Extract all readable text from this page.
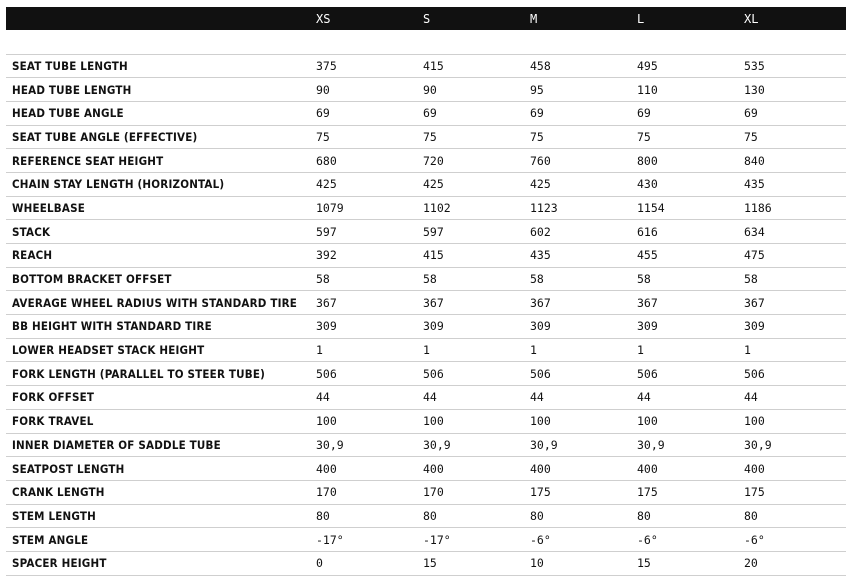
	XS	S	M	L	XL

SEAT TUBE LENGTH	375	415	458	495	535
HEAD TUBE LENGTH	90	90	95	110	130
HEAD TUBE ANGLE	69	69	69	69	69
SEAT TUBE ANGLE (EFFECTIVE)	75	75	75	75	75
REFERENCE SEAT HEIGHT	680	720	760	800	840
CHAIN STAY LENGTH (HORIZONTAL)	425	425	425	430	435
WHEELBASE	1079	1102	1123	1154	1186
STACK	597	597	602	616	634
REACH	392	415	435	455	475
BOTTOM BRACKET OFFSET	58	58	58	58	58
AVERAGE WHEEL RADIUS WITH STANDARD TIRE	367	367	367	367	367
BB HEIGHT WITH STANDARD TIRE	309	309	309	309	309
LOWER HEADSET STACK HEIGHT	1	1	1	1	1
FORK LENGTH (PARALLEL TO STEER TUBE)	506	506	506	506	506
FORK OFFSET	44	44	44	44	44
FORK TRAVEL	100	100	100	100	100
INNER DIAMETER OF SADDLE TUBE	30,9	30,9	30,9	30,9	30,9
SEATPOST LENGTH	400	400	400	400	400
CRANK LENGTH	170	170	175	175	175
STEM LENGTH	80	80	80	80	80
STEM ANGLE	-17°	-17°	-6°	-6°	-6°
SPACER HEIGHT	0	15	10	15	20
